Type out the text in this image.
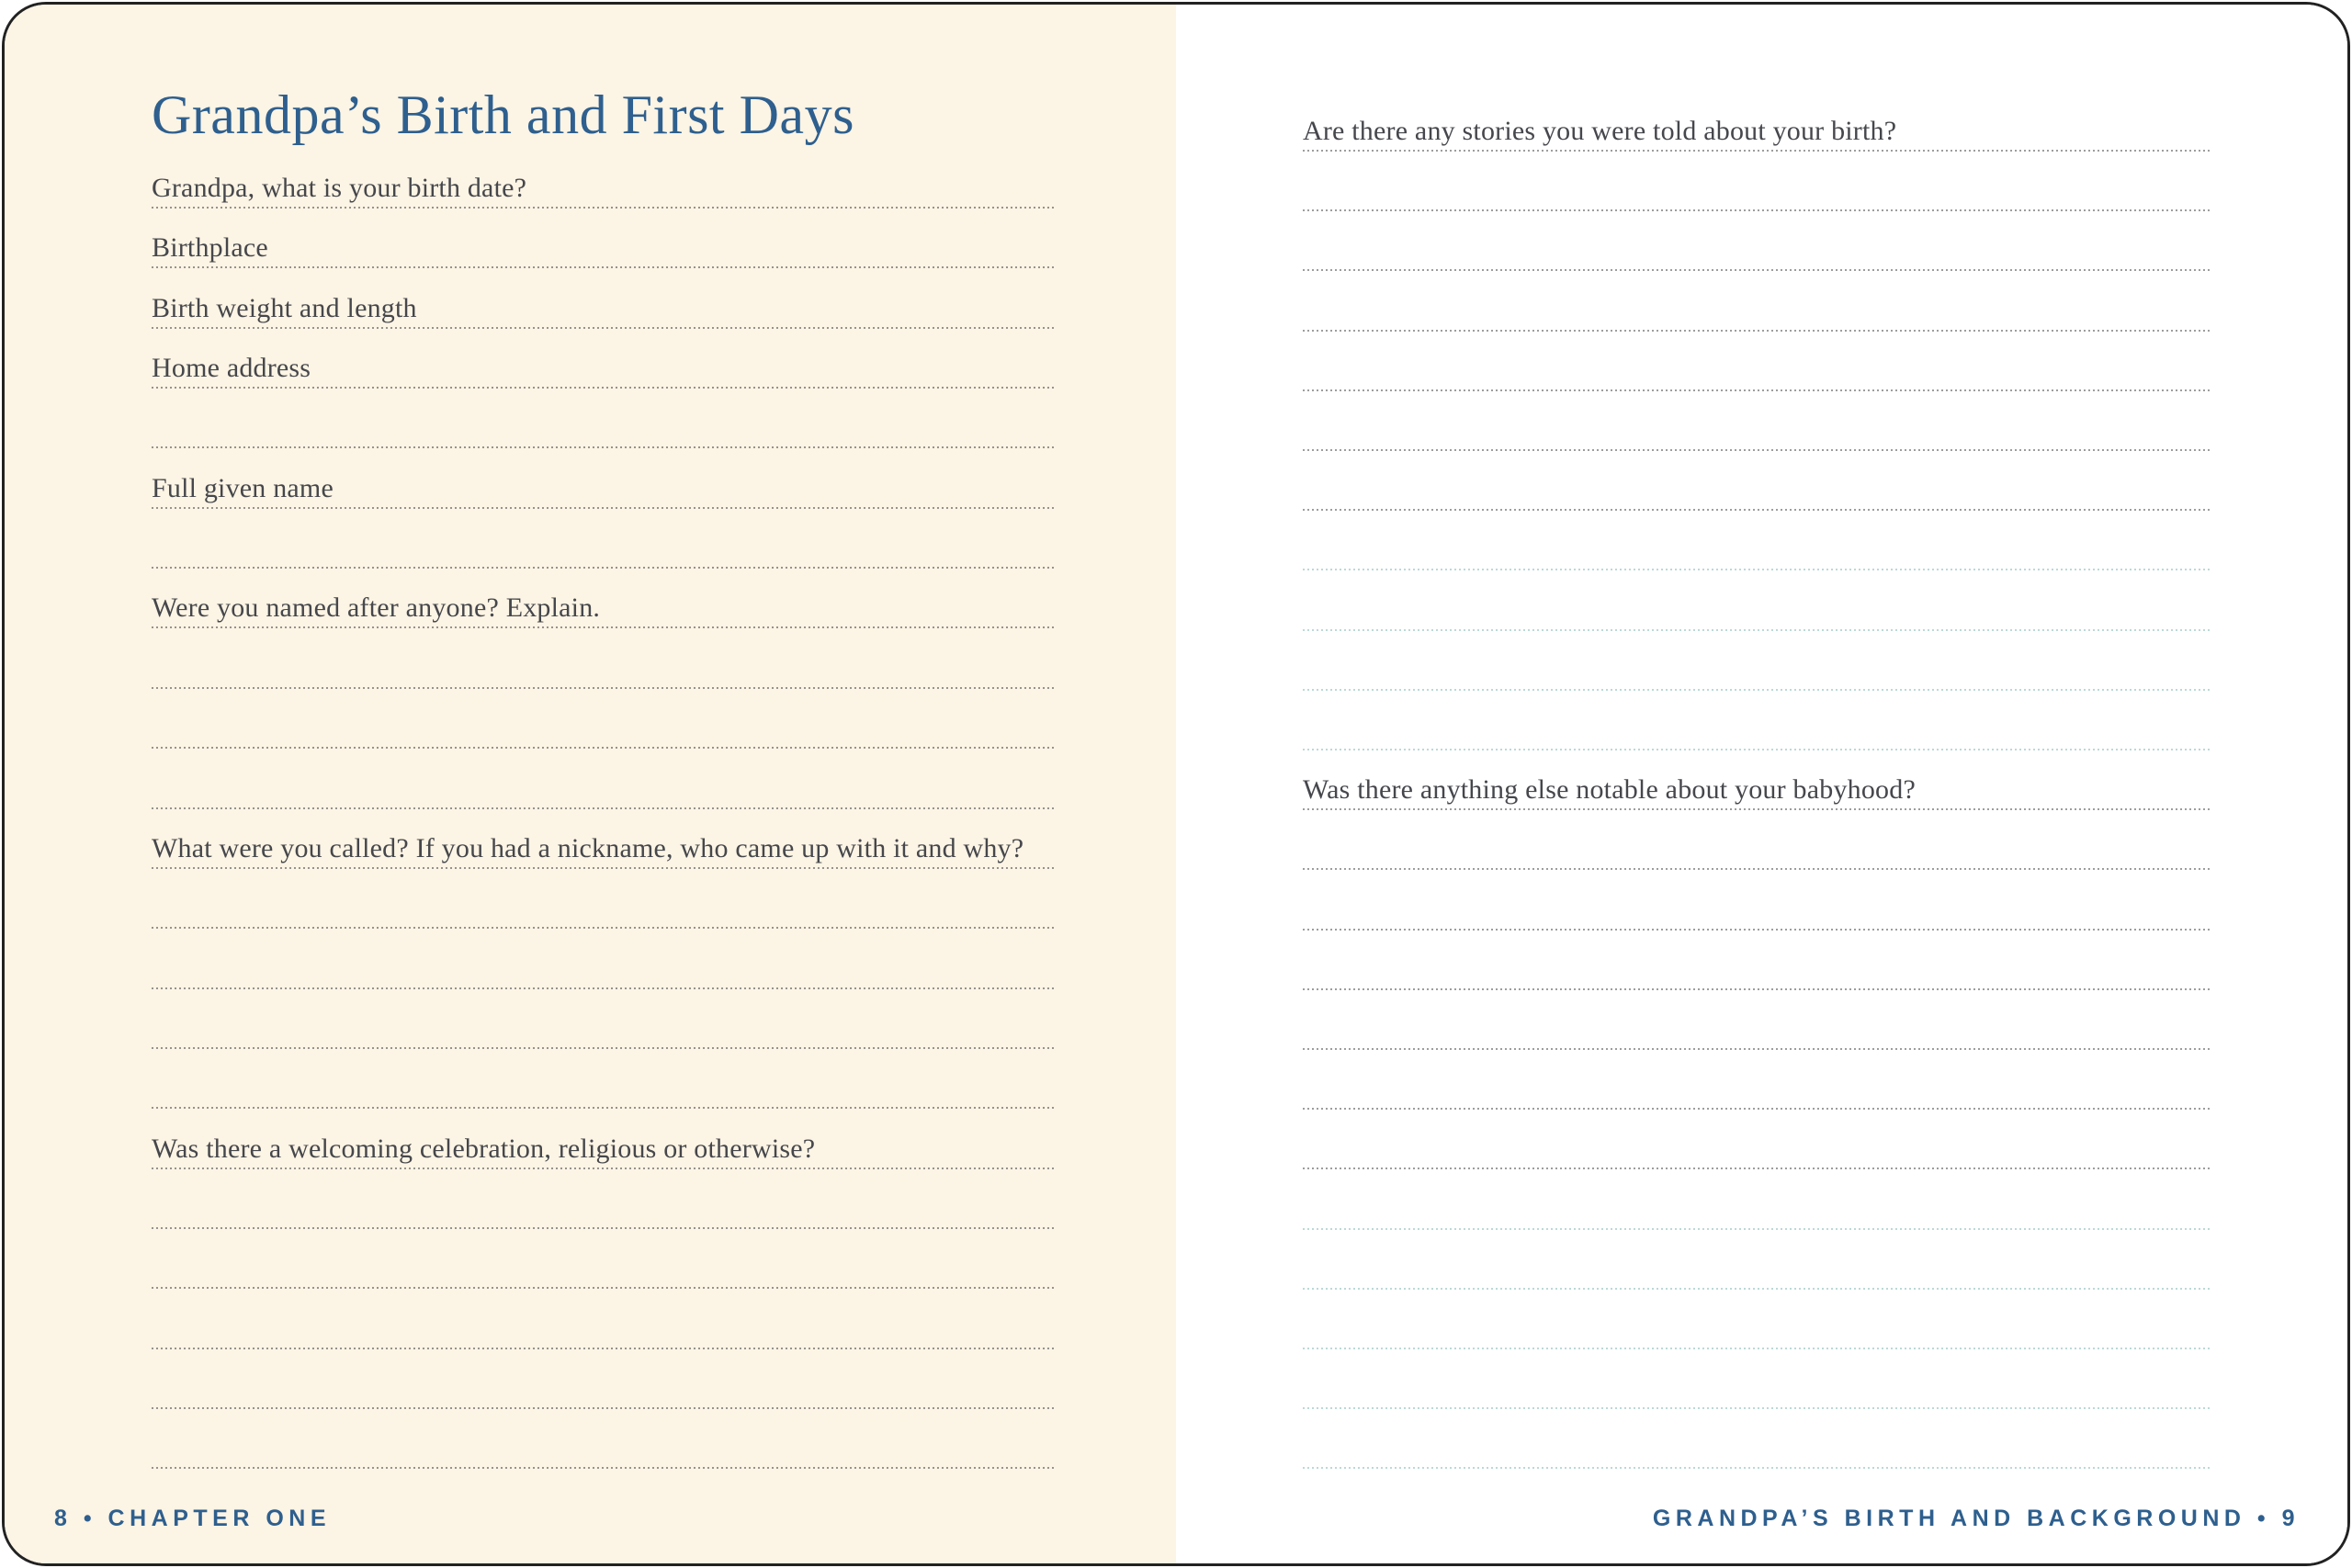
Grandpa’s Birth and First Days
Grandpa, what is your birth date?
Birthplace
Birth weight and length
Home address
Full given name
Were you named after anyone? Explain.
What were you called? If you had a nickname, who came up with it and why?
Was there a welcoming celebration, religious or otherwise?
8 • CHAPTER ONE
Are there any stories you were told about your birth?
Was there anything else notable about your babyhood?
GRANDPA’S BIRTH AND BACKGROUND • 9
